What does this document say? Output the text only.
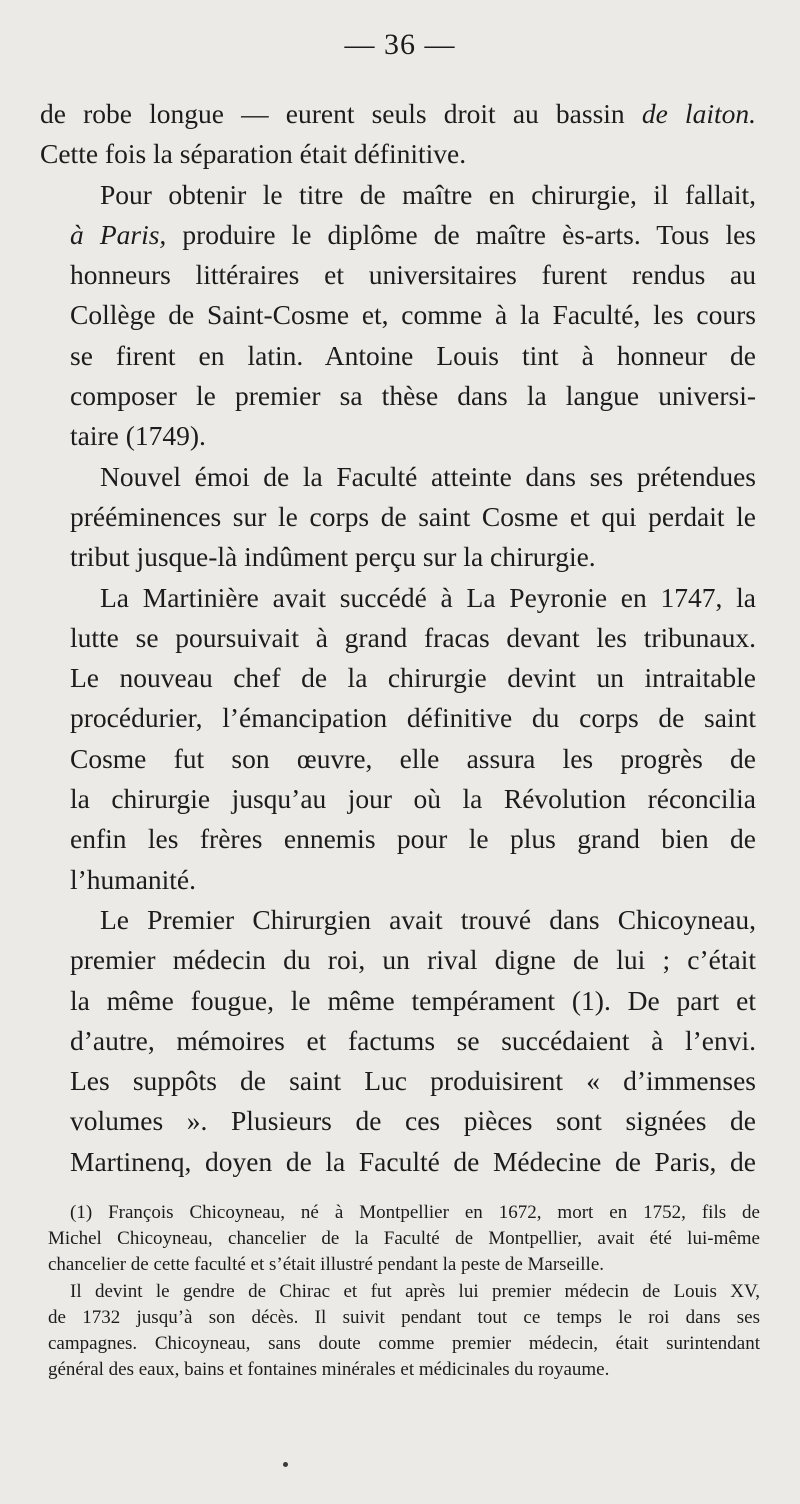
— 36 —

de robe longue — eurent seuls droit au bassin de laiton.
Cette fois la séparation était définitive.

Pour obtenir le titre de maître en chirurgie, il fallait,
à Paris, produire le diplôme de maître ès-arts. Tous les
honneurs littéraires et universitaires furent rendus au
Collège de Saint-Cosme et, comme à la Faculté, les cours
se firent en latin. Antoine Louis tint à honneur de
composer le premier sa thèse dans la langue universi-
taire (1749).

Nouvel émoi de la Faculté atteinte dans ses prétendues
prééminences sur le corps de saint Cosme et qui perdait le
tribut jusque-là indûment perçu sur la chirurgie.

La Martinière avait succédé à La Peyronie en 1747, la
lutte se poursuivait à grand fracas devant les tribunaux.
Le nouveau chef de la chirurgie devint un intraitable
procédurier, l’émancipation définitive du corps de saint
Cosme fut son œuvre, elle assura les progrès de
la chirurgie jusqu’au jour où la Révolution réconcilia
enfin les frères ennemis pour le plus grand bien de
l’humanité.

Le Premier Chirurgien avait trouvé dans Chicoyneau,
premier médecin du roi, un rival digne de lui ; c’était
la même fougue, le même tempérament (1). De part et
d’autre, mémoires et factums se succédaient à l’envi.
Les suppôts de saint Luc produisirent « d’immenses
volumes ». Plusieurs de ces pièces sont signées de
Martinenq, doyen de la Faculté de Médecine de Paris, de

(1) François Chicoyneau, né à Montpellier en 1672, mort en 1752, fils de
Michel Chicoyneau, chancelier de la Faculté de Montpellier, avait été lui-même
chancelier de cette faculté et s’était illustré pendant la peste de Marseille.
Il devint le gendre de Chirac et fut après lui premier médecin de Louis XV,
de 1732 jusqu’à son décès. Il suivit pendant tout ce temps le roi dans ses
campagnes. Chicoyneau, sans doute comme premier médecin, était surintendant
général des eaux, bains et fontaines minérales et médicinales du royaume.
